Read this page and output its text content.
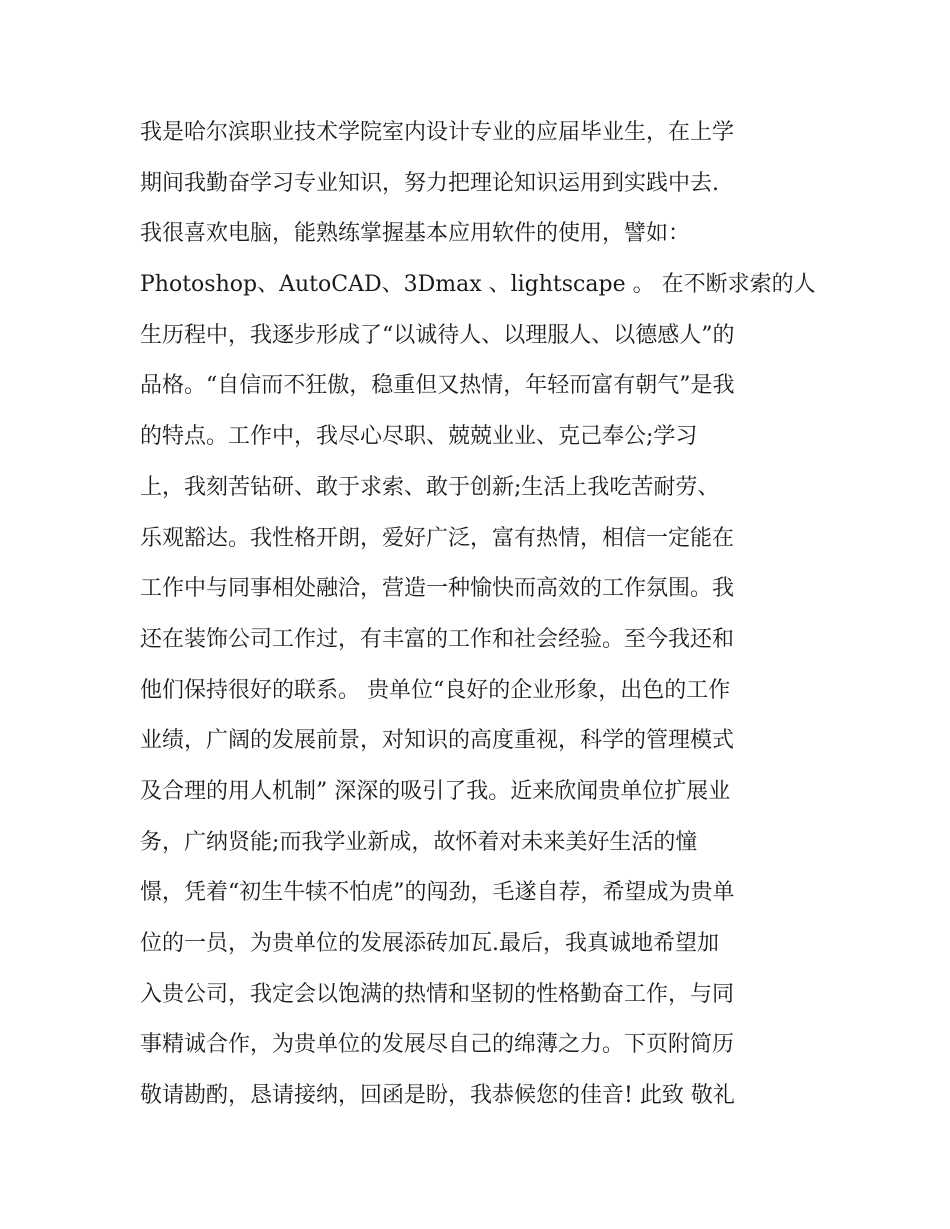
我是哈尔滨职业技术学院室内设计专业的应届毕业生，在上学
期间我勤奋学习专业知识，努力把理论知识运用到实践中去.
我很喜欢电脑，能熟练掌握基本应用软件的使用，譬如：
Photoshop、AutoCAD、3Dmax 、lightscape 。 在不断求索的人
生历程中，我逐步形成了“以诚待人、以理服人、以德感人”的
品格。“自信而不狂傲，稳重但又热情，年轻而富有朝气”是我
的特点。工作中，我尽心尽职、兢兢业业、克己奉公;学习
上，我刻苦钻研、敢于求索、敢于创新;生活上我吃苦耐劳、
乐观豁达。我性格开朗，爱好广泛，富有热情，相信一定能在
工作中与同事相处融洽，营造一种愉快而高效的工作氛围。我
还在装饰公司工作过，有丰富的工作和社会经验。至今我还和
他们保持很好的联系。 贵单位“良好的企业形象，出色的工作
业绩，广阔的发展前景，对知识的高度重视，科学的管理模式
及合理的用人机制” 深深的吸引了我。近来欣闻贵单位扩展业
务，广纳贤能;而我学业新成，故怀着对未来美好生活的憧
憬，凭着“初生牛犊不怕虎”的闯劲，毛遂自荐，希望成为贵单
位的一员，为贵单位的发展添砖加瓦.最后，我真诚地希望加
入贵公司，我定会以饱满的热情和坚韧的性格勤奋工作，与同
事精诚合作，为贵单位的发展尽自己的绵薄之力。下页附简历
敬请勘酌，恳请接纳，回函是盼，我恭候您的佳音! 此致 敬礼
